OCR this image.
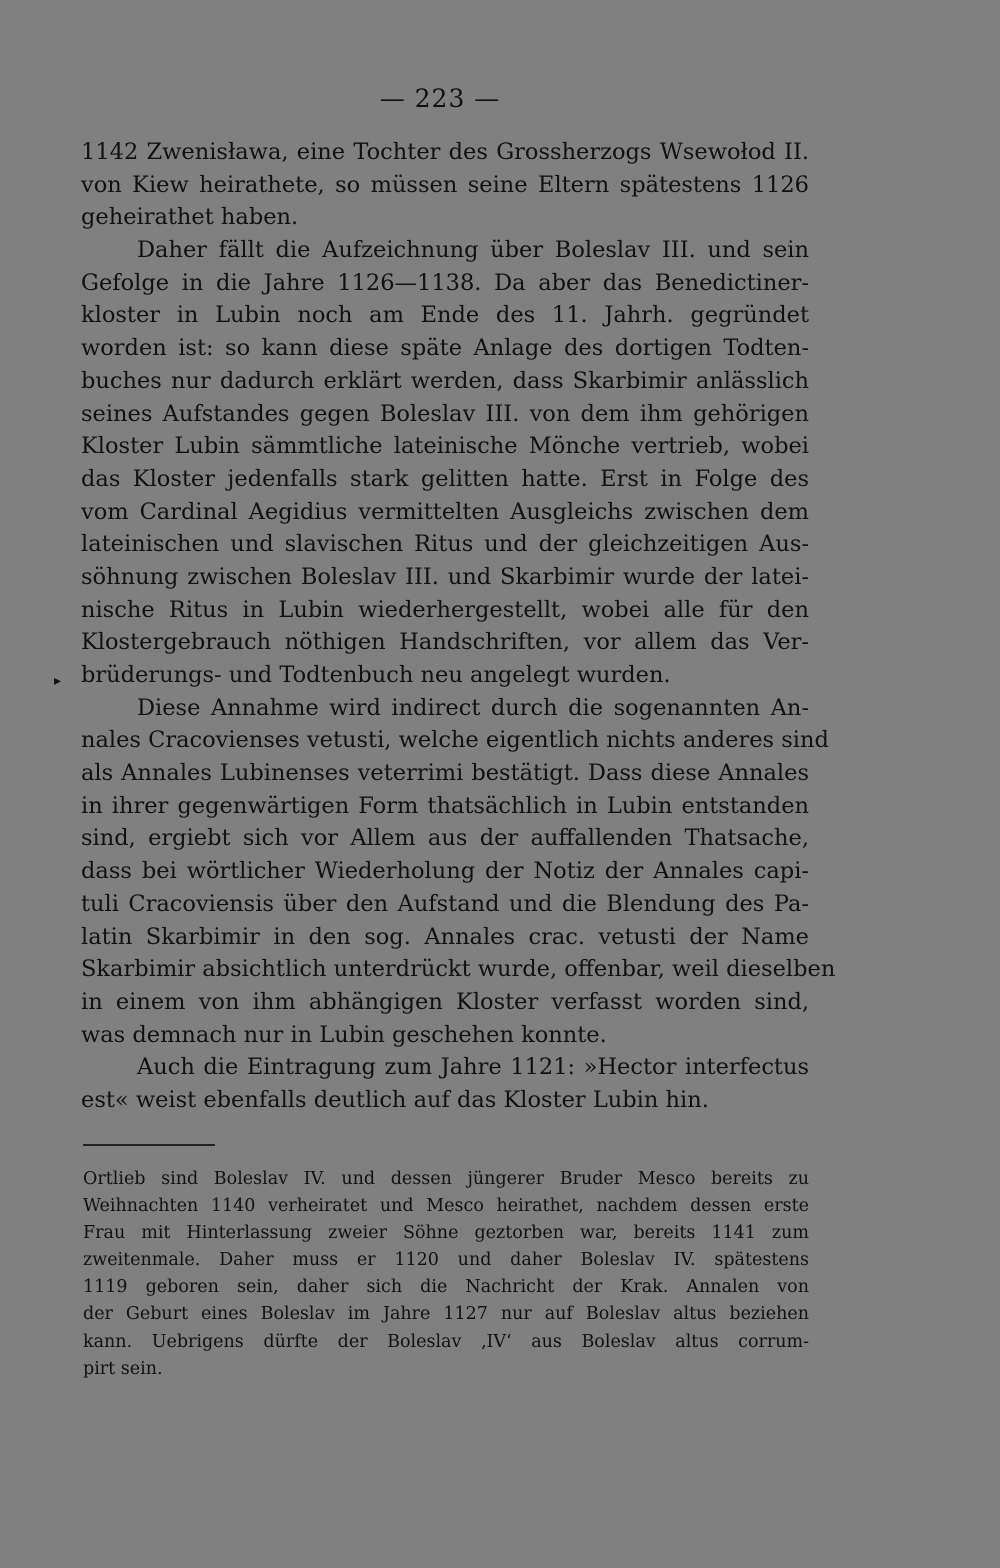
— 223 —
▸
1142 Zwenisława, eine Tochter des Grossherzogs Wsewołod II.
von Kiew heirathete, so müssen seine Eltern spätestens 1126
geheirathet haben.
Daher fällt die Aufzeichnung über Boleslav III. und sein
Gefolge in die Jahre 1126—1138. Da aber das Benedictiner-
kloster in Lubin noch am Ende des 11. Jahrh. gegründet
worden ist: so kann diese späte Anlage des dortigen Todten-
buches nur dadurch erklärt werden, dass Skarbimir anlässlich
seines Aufstandes gegen Boleslav III. von dem ihm gehörigen
Kloster Lubin sämmtliche lateinische Mönche vertrieb, wobei
das Kloster jedenfalls stark gelitten hatte. Erst in Folge des
vom Cardinal Aegidius vermittelten Ausgleichs zwischen dem
lateinischen und slavischen Ritus und der gleichzeitigen Aus-
söhnung zwischen Boleslav III. und Skarbimir wurde der latei-
nische Ritus in Lubin wiederhergestellt, wobei alle für den
Klostergebrauch nöthigen Handschriften, vor allem das Ver-
brüderungs- und Todtenbuch neu angelegt wurden.
Diese Annahme wird indirect durch die sogenannten An-
nales Cracovienses vetusti, welche eigentlich nichts anderes sind
als Annales Lubinenses veterrimi bestätigt. Dass diese Annales
in ihrer gegenwärtigen Form thatsächlich in Lubin entstanden
sind, ergiebt sich vor Allem aus der auffallenden Thatsache,
dass bei wörtlicher Wiederholung der Notiz der Annales capi-
tuli Cracoviensis über den Aufstand und die Blendung des Pa-
latin Skarbimir in den sog. Annales crac. vetusti der Name
Skarbimir absichtlich unterdrückt wurde, offenbar, weil dieselben
in einem von ihm abhängigen Kloster verfasst worden sind,
was demnach nur in Lubin geschehen konnte.
Auch die Eintragung zum Jahre 1121: »Hector interfectus
est« weist ebenfalls deutlich auf das Kloster Lubin hin.
Ortlieb sind Boleslav IV. und dessen jüngerer Bruder Mesco bereits zu
Weihnachten 1140 verheiratet und Mesco heirathet, nachdem dessen erste
Frau mit Hinterlassung zweier Söhne geztorben war, bereits 1141 zum
zweitenmale. Daher muss er 1120 und daher Boleslav IV. spätestens
1119 geboren sein, daher sich die Nachricht der Krak. Annalen von
der Geburt eines Boleslav im Jahre 1127 nur auf Boleslav altus beziehen
kann. Uebrigens dürfte der Boleslav ‚IV‘ aus Boleslav altus corrum-
pirt sein.
